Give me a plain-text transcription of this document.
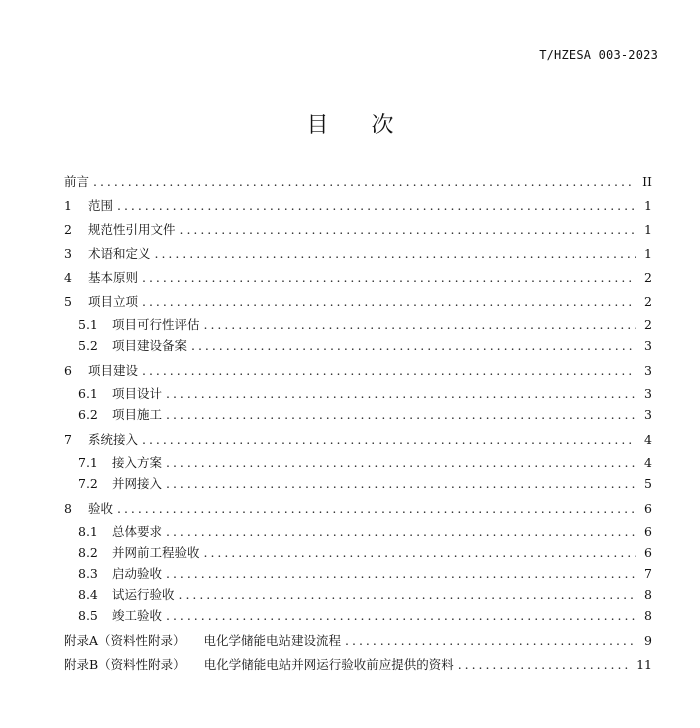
T/HZESA 003-2023
目 次
前言 . . .	II
1	范围 . . .	1
2	规范性引用文件 . . .	1
3	术语和定义 . . .	1
4	基本原则 . . .	2
5	项目立项 . . .	2
5.1	项目可行性评估 . . .	2
5.2	项目建设备案 . . .	3
6	项目建设 . . .	3
6.1	项目设计 . . .	3
6.2	项目施工 . . .	3
7	系统接入 . . .	4
7.1	接入方案 . . .	4
7.2	并网接入 . . .	5
8	验收 . . .	6
8.1	总体要求 . . .	6
8.2	并网前工程验收 . . .	6
8.3	启动验收 . . .	7
8.4	试运行验收 . . .	8
8.5	竣工验收 . . .	8
附录A（资料性附录） 电化学储能电站建设流程 . . .	9
附录B（资料性附录） 电化学储能电站并网运行验收前应提供的资料 . . .	11
